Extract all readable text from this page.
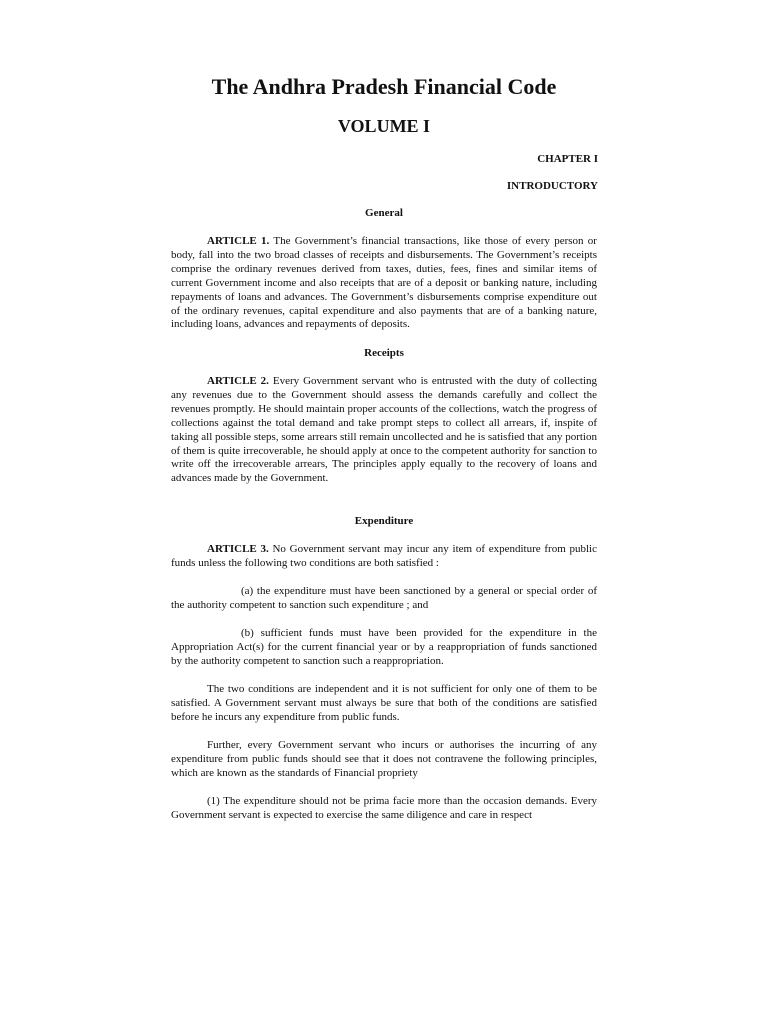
The Andhra Pradesh Financial Code
VOLUME I

CHAPTER I

INTRODUCTORY

General

ARTICLE 1. The Government’s financial transactions, like those of every person or body, fall into the two broad classes of receipts and disbursements. The Government’s receipts comprise the ordinary revenues derived from taxes, duties, fees, fines and similar items of current Government income and also receipts that are of a deposit or banking nature, including repayments of loans and advances. The Government’s disbursements comprise expenditure out of the ordinary revenues, capital expenditure and also payments that are of a banking nature, including loans, advances and repayments of deposits.

Receipts

ARTICLE 2. Every Government servant who is entrusted with the duty of collecting any revenues due to the Government should assess the demands carefully and collect the revenues promptly. He should maintain proper accounts of the collections, watch the progress of collections against the total demand and take prompt steps to collect all arrears, if, inspite of taking all possible steps, some arrears still remain uncollected and he is satisfied that any portion of them is quite irrecoverable, he should apply at once to the competent authority for sanction to write off the irrecoverable arrears, The principles apply equally to the recovery of loans and advances made by the Government.

Expenditure

ARTICLE 3. No Government servant may incur any item of expenditure from public funds unless the following two conditions are both satisfied :

(a) the expenditure must have been sanctioned by a general or special order of the authority competent to sanction such expenditure ; and

(b) sufficient funds must have been provided for the expenditure in the Appropriation Act(s) for the current financial year or by a reappropriation of funds sanctioned by the authority competent to sanction such a reappropriation.

The two conditions are independent and it is not sufficient for only one of them to be satisfied. A Government servant must always be sure that both of the conditions are satisfied before he incurs any expenditure from public funds.

Further, every Government servant who incurs or authorises the incurring of any expenditure from public funds should see that it does not contravene the following principles, which are known as the standards of Financial propriety

(1) The expenditure should not be prima facie more than the occasion demands. Every Government servant is expected to exercise the same diligence and care in respect
